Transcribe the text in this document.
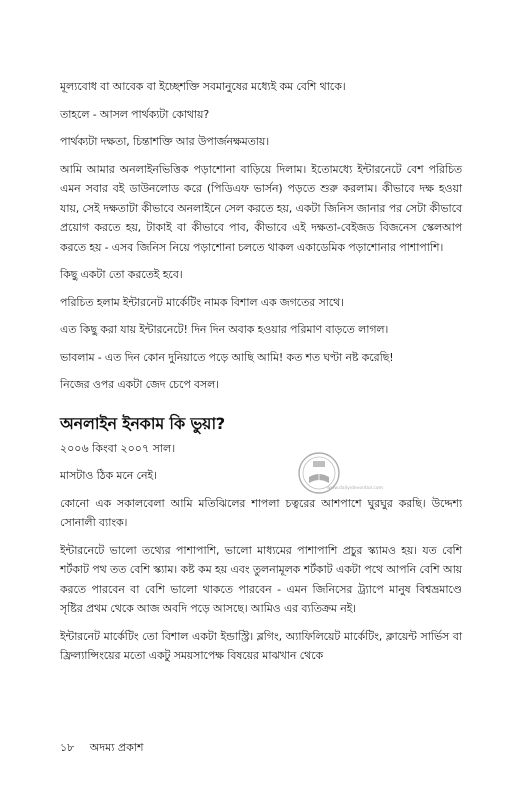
মূল্যবোধ বা আবেক বা ইচ্ছেশক্তি সবমানুষের মধ্যেই কম বেশি থাকে।

তাহলে - আসল পার্থক্যটা কোথায়?

পার্থক্যটা দক্ষতা, চিন্তাশক্তি আর উপার্জনক্ষমতায়।

আমি আমার অনলাইনভিত্তিক পড়াশোনা বাড়িয়ে দিলাম। ইতোমধ্যে ইন্টারনেটে বেশ পরিচিত এমন সবার বই ডাউনলোড করে (পিডিএফ ভার্সন) পড়তে শুরু করলাম। কীভাবে দক্ষ হওয়া যায়, সেই দক্ষতাটা কীভাবে অনলাইনে সেল করতে হয়, একটা জিনিস জানার পর সেটা কীভাবে প্রয়োগ করতে হয়, টাকাই বা কীভাবে পাব, কীভাবে এই দক্ষতা-বেইজড বিজনেস স্কেলআপ করতে হয় - এসব জিনিস নিয়ে পড়াশোনা চলতে থাকল একাডেমিক পড়াশোনার পাশাপাশি।

কিছু একটা তো করতেই হবে।

পরিচিত হলাম ইন্টারনেট মার্কেটিং নামক বিশাল এক জগতের সাথে।

এত কিছু করা যায় ইন্টারনেটে! দিন দিন অবাক হওয়ার পরিমাণ বাড়তে লাগল।

ভাবলাম - এত দিন কোন দুনিয়াতে পড়ে আছি আমি! কত শত ঘণ্টা নষ্ট করেছি!

নিজের ওপর একটা জেদ চেপে বসল।

অনলাইন ইনকাম কি ভুয়া?

২০০৬ কিংবা ২০০৭ সাল।

মাসটাও ঠিক মনে নেই।

কোনো এক সকালবেলা আমি মতিঝিলের শাপলা চত্বরের আশপাশে ঘুরঘুর করছি। উদ্দেশ্য সোনালী ব্যাংক।

ইন্টারনেটে ভালো তথ্যের পাশাপাশি, ভালো মাধ্যমের পাশাপাশি প্রচুর স্ক্যামও হয়। যত বেশি শর্টকাট পথ তত বেশি স্ক্যাম। কষ্ট কম হয় এবং তুলনামূলক শর্টকাট একটা পথে আপনি বেশি আয় করতে পারবেন বা বেশি ভালো থাকতে পারবেন - এমন জিনিসের ট্র্যাপে মানুষ বিশ্বভ্রমাণ্ডে সৃষ্টির প্রথম থেকে আজ অবদি পড়ে আসছে। আমিও এর ব্যতিক্রম নই।

ইন্টারনেট মার্কেটিং তো বিশাল একটা ইন্ডাস্ট্রি। ব্লগিং, অ্যাফিলিয়েট মার্কেটিং, ক্লায়েন্ট সার্ভিস বা ফ্রিল্যান্সিংয়ের মতো একটু সময়সাপেক্ষ বিষয়ের মাঝখান থেকে

www.dailyidevontiol.com
১৮ অদম্য প্রকাশ
